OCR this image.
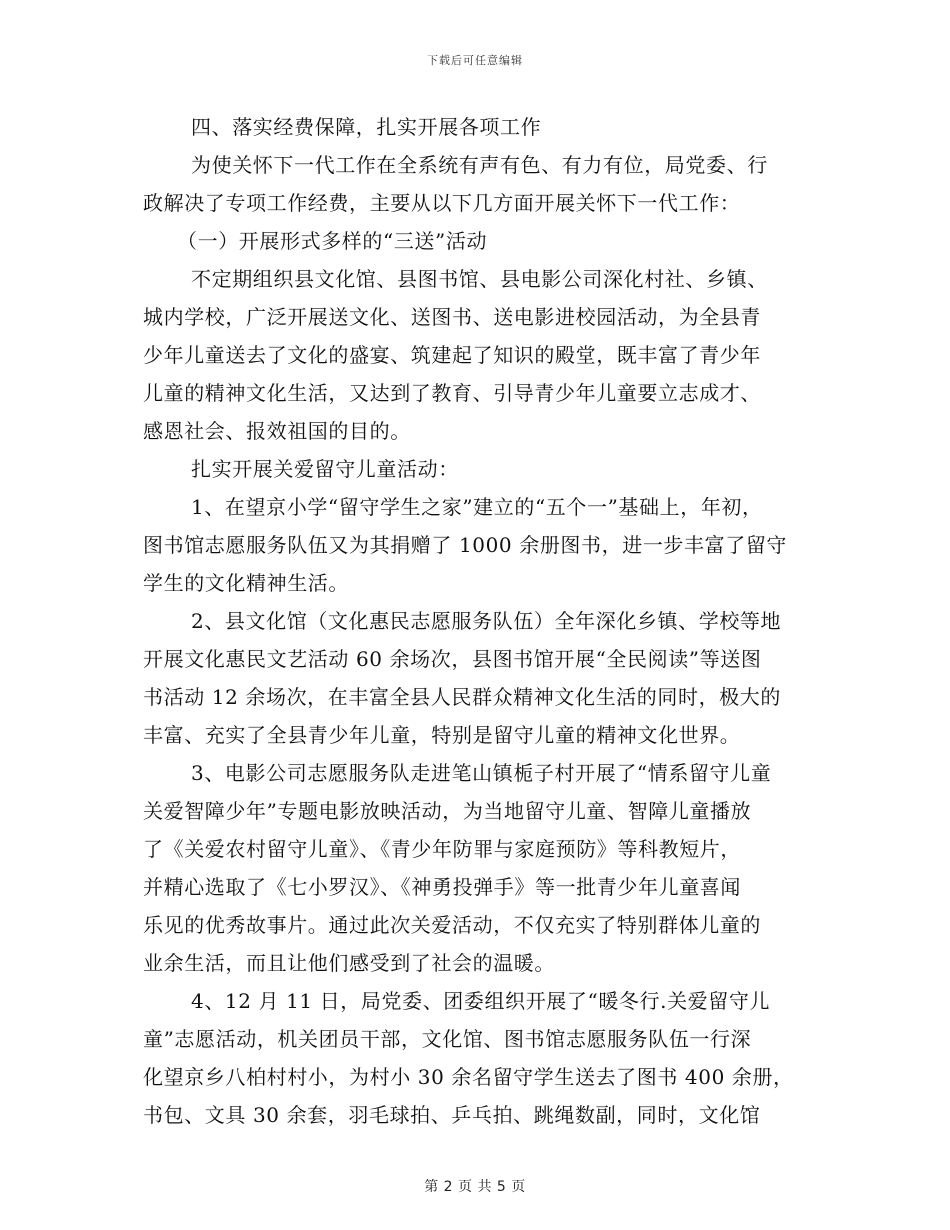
下载后可任意编辑
四、落实经费保障，扎实开展各项工作
为使关怀下一代工作在全系统有声有色、有力有位，局党委、行
政解决了专项工作经费，主要从以下几方面开展关怀下一代工作：
（一）开展形式多样的“三送”活动
不定期组织县文化馆、县图书馆、县电影公司深化村社、乡镇、
城内学校，广泛开展送文化、送图书、送电影进校园活动，为全县青
少年儿童送去了文化的盛宴、筑建起了知识的殿堂，既丰富了青少年
儿童的精神文化生活，又达到了教育、引导青少年儿童要立志成才、
感恩社会、报效祖国的目的。
扎实开展关爱留守儿童活动：
1、在望京小学“留守学生之家”建立的“五个一”基础上，年初，
图书馆志愿服务队伍又为其捐赠了 1000 余册图书，进一步丰富了留守
学生的文化精神生活。
2、县文化馆（文化惠民志愿服务队伍）全年深化乡镇、学校等地
开展文化惠民文艺活动 60 余场次，县图书馆开展“全民阅读”等送图
书活动 12 余场次，在丰富全县人民群众精神文化生活的同时，极大的
丰富、充实了全县青少年儿童，特别是留守儿童的精神文化世界。
3、电影公司志愿服务队走进笔山镇栀子村开展了“情系留守儿童
关爱智障少年”专题电影放映活动，为当地留守儿童、智障儿童播放
了《关爱农村留守儿童》、《青少年防罪与家庭预防》等科教短片，
并精心选取了《七小罗汉》、《神勇投弹手》等一批青少年儿童喜闻
乐见的优秀故事片。通过此次关爱活动，不仅充实了特别群体儿童的
业余生活，而且让他们感受到了社会的温暖。
4、12 月 11 日，局党委、团委组织开展了“暖冬行.关爱留守儿
童”志愿活动，机关团员干部，文化馆、图书馆志愿服务队伍一行深
化望京乡八柏村村小，为村小 30 余名留守学生送去了图书 400 余册，
书包、文具 30 余套，羽毛球拍、乒乓拍、跳绳数副，同时，文化馆
第 2 页 共 5 页
